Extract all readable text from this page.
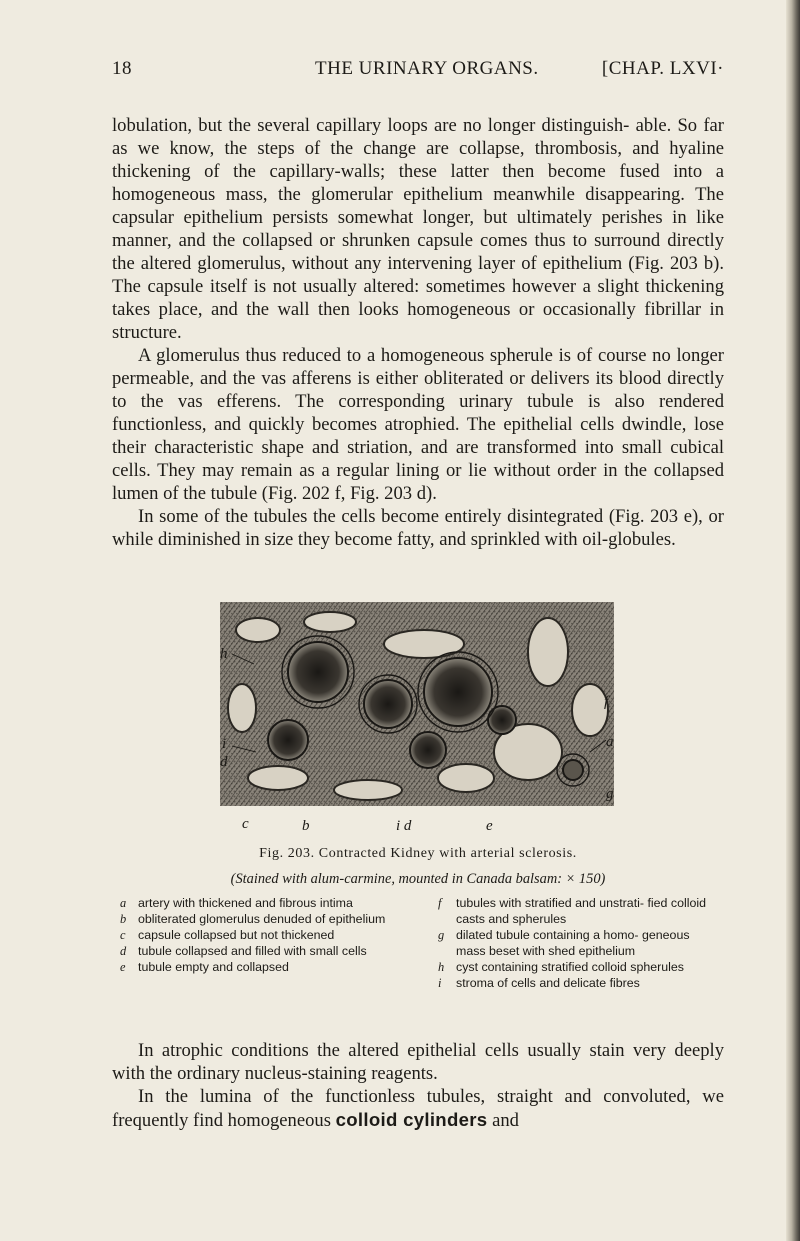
18	THE URINARY ORGANS.	[CHAP. LXVI·

lobulation, but the several capillary loops are no longer distinguish- able. So far as we know, the steps of the change are collapse, thrombosis, and hyaline thickening of the capillary-walls; these latter then become fused into a homogeneous mass, the glomerular epithelium meanwhile disappearing. The capsular epithelium persists somewhat longer, but ultimately perishes in like manner, and the collapsed or shrunken capsule comes thus to surround directly the altered glomerulus, without any intervening layer of epithelium (Fig. 203 b). The capsule itself is not usually altered: sometimes however a slight thickening takes place, and the wall then looks homogeneous or occasionally fibrillar in structure.

A glomerulus thus reduced to a homogeneous spherule is of course no longer permeable, and the vas afferens is either obliterated or delivers its blood directly to the vas efferens. The corresponding urinary tubule is also rendered functionless, and quickly becomes atrophied. The epithelial cells dwindle, lose their characteristic shape and striation, and are transformed into small cubical cells. They may remain as a regular lining or lie without order in the collapsed lumen of the tubule (Fig. 202 f, Fig. 203 d).

In some of the tubules the cells become entirely disintegrated (Fig. 203 e), or while diminished in size they become fatty, and sprinkled with oil-globules.

h
i
d
f
a
g
c	b	i d	e
Fig. 203. Contracted Kidney with arterial sclerosis.
(Stained with alum-carmine, mounted in Canada balsam: × 150)

a artery with thickened and fibrous intima

b obliterated glomerulus denuded of epithelium

c capsule collapsed but not thickened

d tubule collapsed and filled with small cells

e tubule empty and collapsed

f tubules with stratified and unstrati- fied colloid casts and spherules

g dilated tubule containing a homo- geneous mass beset with shed epithelium

h cyst containing stratified colloid spherules

i stroma of cells and delicate fibres

In atrophic conditions the altered epithelial cells usually stain very deeply with the ordinary nucleus-staining reagents.

In the lumina of the functionless tubules, straight and convoluted, we frequently find homogeneous colloid cylinders and
